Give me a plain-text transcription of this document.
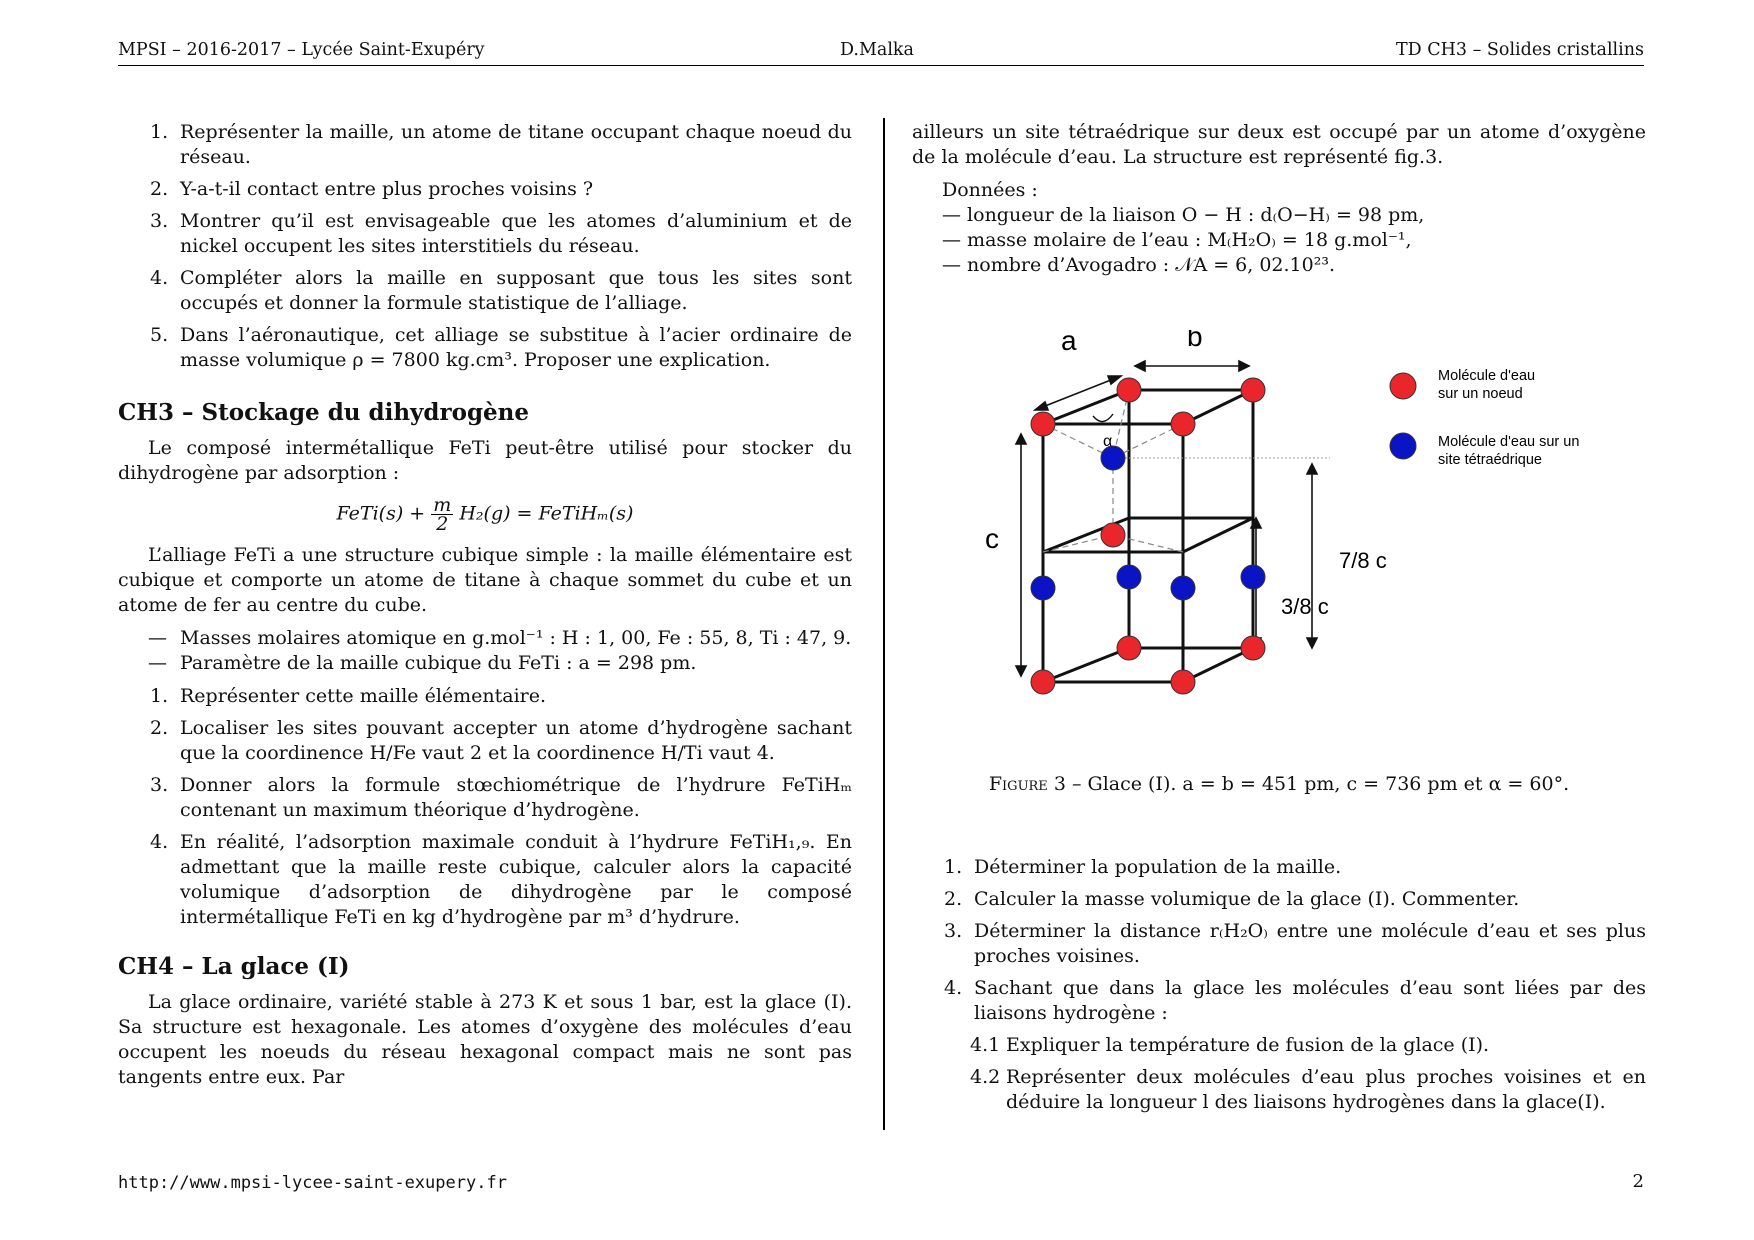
MPSI – 2016-2017 – Lycée Saint-Exupéry	D.Malka	TD CH3 – Solides cristallins
1. Représenter la maille, un atome de titane occupant chaque noeud du réseau.
2. Y-a-t-il contact entre plus proches voisins ?
3. Montrer qu’il est envisageable que les atomes d’aluminium et de nickel occupent les sites interstitiels du réseau.
4. Compléter alors la maille en supposant que tous les sites sont occupés et donner la formule statistique de l’alliage.
5. Dans l’aéronautique, cet alliage se substitue à l’acier ordinaire de masse volumique ρ = 7800 kg.cm³. Proposer une explication.
CH3 – Stockage du dihydrogène

Le composé intermétallique FeTi peut-être utilisé pour stocker du dihydrogène par adsorption :

FeTi(s) + $\frac{m}{2} H_2(g)$ = FeTiHₘ(s)

L’alliage FeTi a une structure cubique simple : la maille élémentaire est cubique et comporte un atome de titane à chaque sommet du cube et un atome de fer au centre du cube.

— Masses molaires atomique en g.mol⁻¹ : H : 1, 00, Fe : 55, 8, Ti : 47, 9.
— Paramètre de la maille cubique du FeTi : a = 298 pm.
1. Représenter cette maille élémentaire.
2. Localiser les sites pouvant accepter un atome d’hydrogène sachant que la coordinence H/Fe vaut 2 et la coordinence H/Ti vaut 4.
3. Donner alors la formule stœchiométrique de l’hydrure FeTiHₘ contenant un maximum théorique d’hydrogène.
4. En réalité, l’adsorption maximale conduit à l’hydrure FeTiH₁,₉. En admettant que la maille reste cubique, calculer alors la capacité volumique d’adsorption de dihydrogène par le composé intermétallique FeTi en kg d’hydrogène par m³ d’hydrure.
CH4 – La glace (I)

La glace ordinaire, variété stable à 273 K et sous 1 bar, est la glace (I). Sa structure est hexagonale. Les atomes d’oxygène des molécules d’eau occupent les noeuds du réseau hexagonal compact mais ne sont pas tangents entre eux. Par

ailleurs un site tétraédrique sur deux est occupé par un atome d’oxygène de la molécule d’eau. La structure est représenté fig.3.

Données :
— longueur de la liaison O − H : d₍O−H₎ = 98 pm,
— masse molaire de l’eau : M₍H₂O₎ = 18 g.mol⁻¹,
— nombre d’Avogadro : 𝒩A = 6, 02.10²³.
a	b
α
c
7/8 c
3/8 c
Molécule d'eau
sur un noeud
Molécule d'eau sur un
site tétraédrique
Figure 3 – Glace (I). a = b = 451 pm, c = 736 pm et α = 60°.
1. Déterminer la population de la maille.
2. Calculer la masse volumique de la glace (I). Commenter.
3. Déterminer la distance r₍H₂O₎ entre une molécule d’eau et ses plus proches voisines.
4. Sachant que dans la glace les molécules d’eau sont liées par des liaisons hydrogène :
4.1 Expliquer la température de fusion de la glace (I).
4.2 Représenter deux molécules d’eau plus proches voisines et en déduire la longueur l des liaisons hydrogènes dans la glace(I).
http://www.mpsi-lycee-saint-exupery.fr	2
